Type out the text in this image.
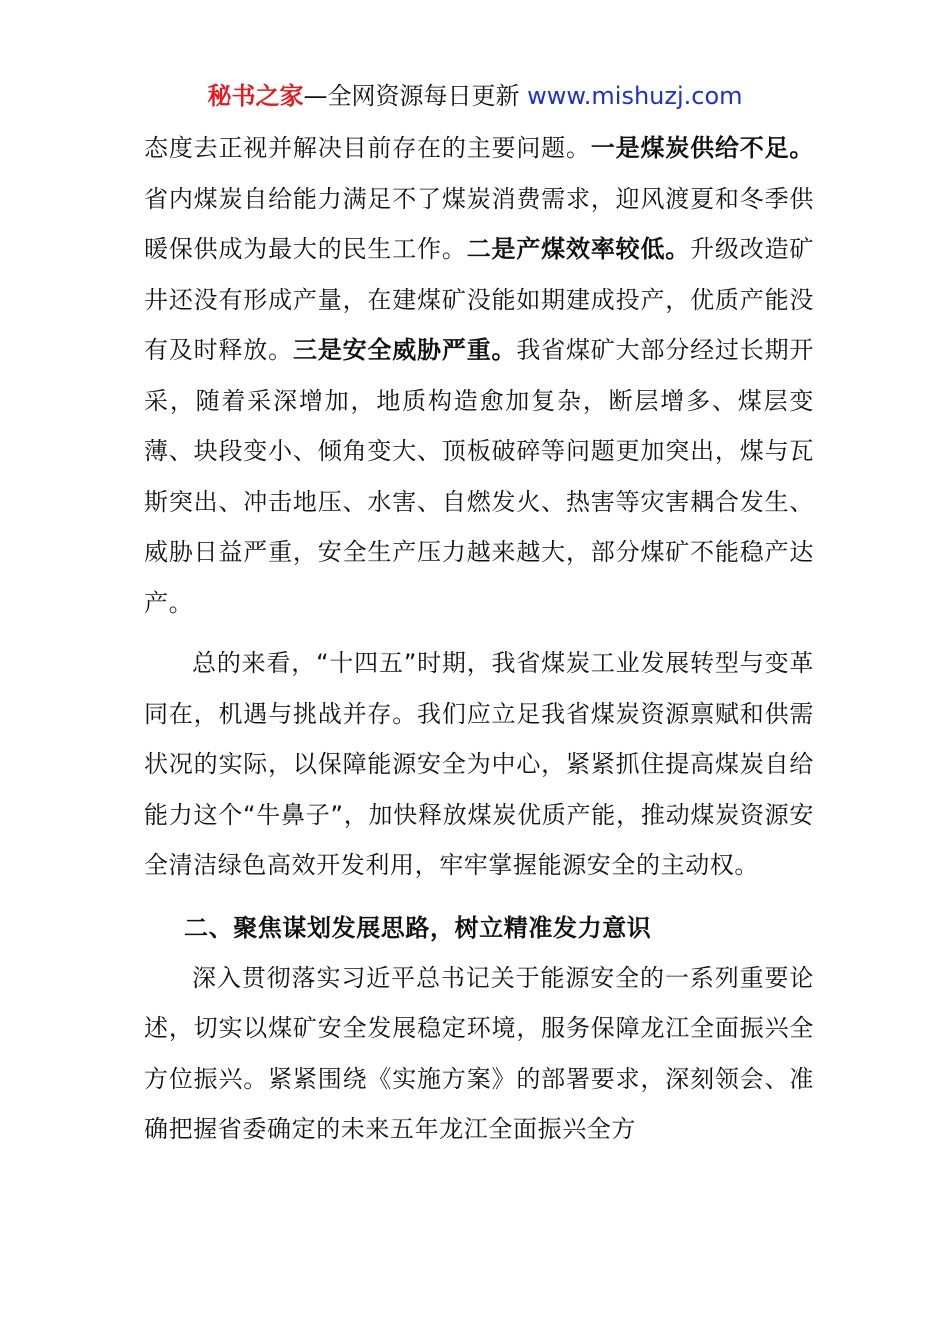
秘书之家—全网资源每日更新 www.mishuzj.com

态度去正视并解决目前存在的主要问题。一是煤炭供给不足。省内煤炭自给能力满足不了煤炭消费需求，迎风渡夏和冬季供暖保供成为最大的民生工作。二是产煤效率较低。升级改造矿井还没有形成产量，在建煤矿没能如期建成投产，优质产能没有及时释放。三是安全威胁严重。我省煤矿大部分经过长期开采，随着采深增加，地质构造愈加复杂，断层增多、煤层变薄、块段变小、倾角变大、顶板破碎等问题更加突出，煤与瓦斯突出、冲击地压、水害、自燃发火、热害等灾害耦合发生、威胁日益严重，安全生产压力越来越大，部分煤矿不能稳产达产。

总的来看，“十四五”时期，我省煤炭工业发展转型与变革同在，机遇与挑战并存。我们应立足我省煤炭资源禀赋和供需状况的实际，以保障能源安全为中心，紧紧抓住提高煤炭自给能力这个“牛鼻子”，加快释放煤炭优质产能，推动煤炭资源安全清洁绿色高效开发利用，牢牢掌握能源安全的主动权。

二、聚焦谋划发展思路，树立精准发力意识

深入贯彻落实习近平总书记关于能源安全的一系列重要论述，切实以煤矿安全发展稳定环境，服务保障龙江全面振兴全方位振兴。紧紧围绕《实施方案》的部署要求，深刻领会、准确把握省委确定的未来五年龙江全面振兴全方
